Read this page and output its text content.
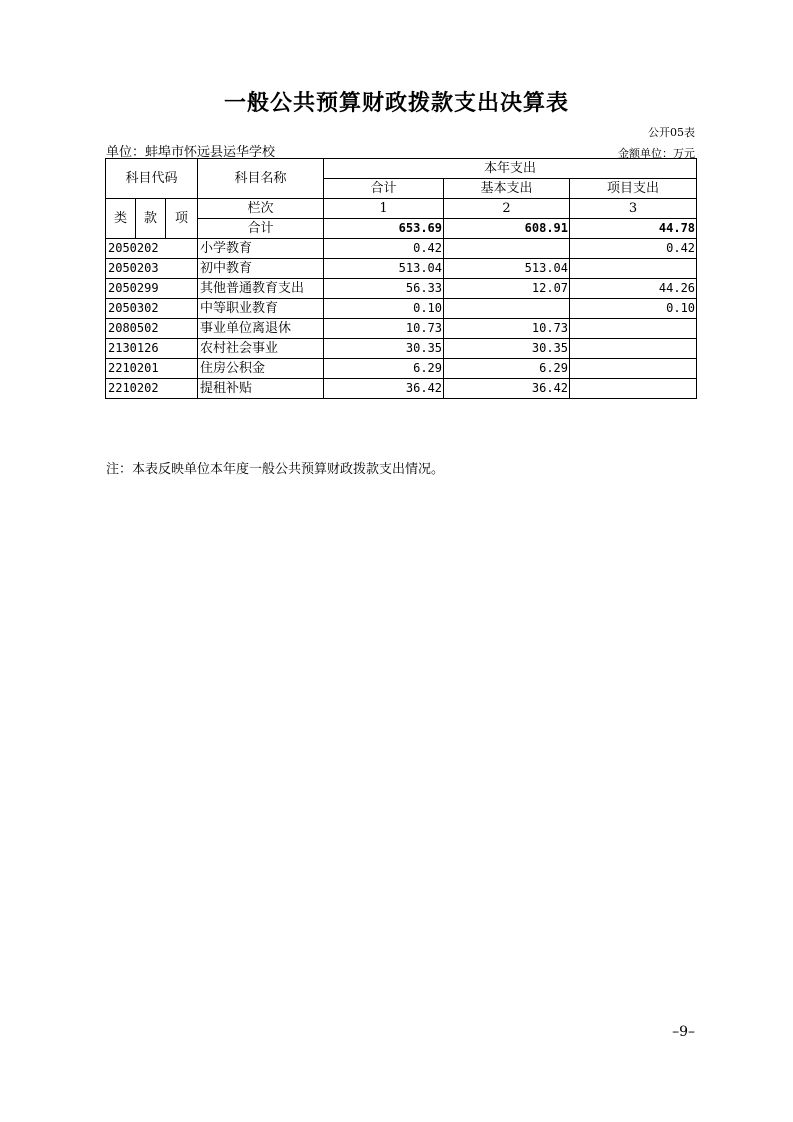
一般公共预算财政拨款支出决算表
公开05表
单位：蚌埠市怀远县运华学校	金额单位：万元
科目代码			科目名称	本年支出		
				合计	基本支出	项目支出
类	款	项	栏次	1	2	3
			合计	653.69	608.91	44.78
2050202			小学教育	0.42		0.42
2050203			初中教育	513.04	513.04	
2050299			其他普通教育支出	56.33	12.07	44.26
2050302			中等职业教育	0.10		0.10
2080502			事业单位离退休	10.73	10.73	
2130126			农村社会事业	30.35	30.35	
2210201			住房公积金	6.29	6.29	
2210202			提租补贴	36.42	36.42	
注：本表反映单位本年度一般公共预算财政拨款支出情况。
–9–
